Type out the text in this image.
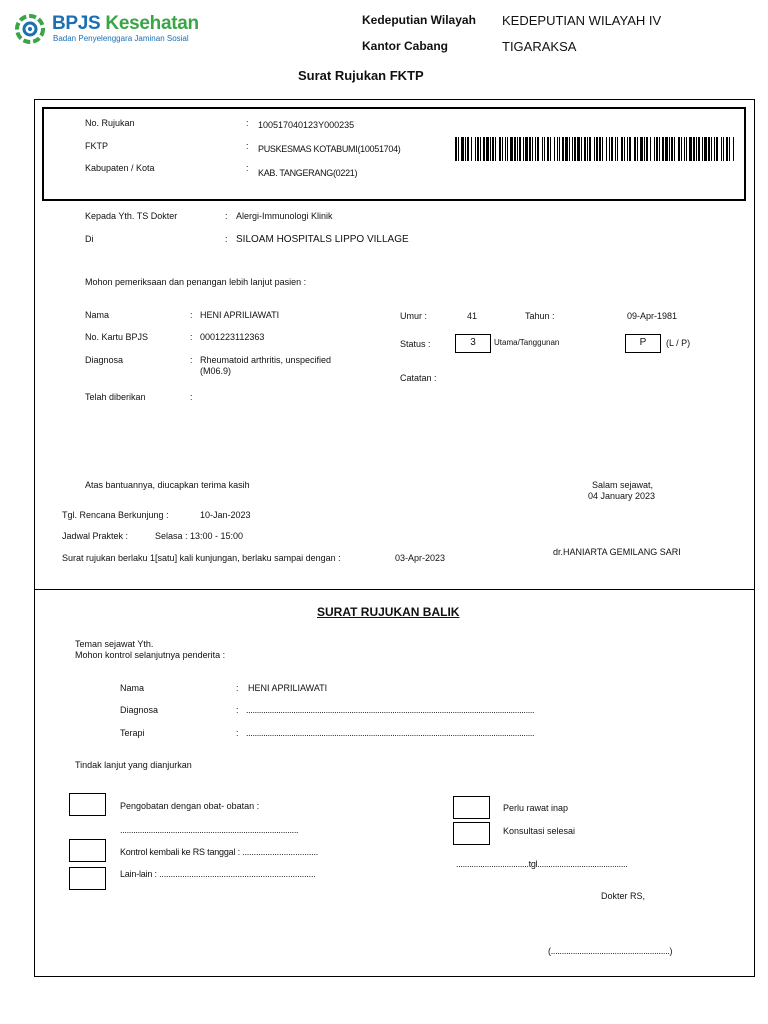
BPJS Kesehatan
Badan Penyelenggara Jaminan Sosial
Kedeputian Wilayah KEDEPUTIAN WILAYAH IV
Kantor Cabang	TIGARAKSA
Surat Rujukan FKTP
No. Rujukan	: 100517040123Y000235
FKTP	: PUSKESMAS KOTABUMI(10051704)
Kabupaten / Kota	: KAB. TANGERANG(0221)
Kepada Yth. TS Dokter	: Alergi-Immunologi Klinik
Di	: SILOAM HOSPITALS LIPPO VILLAGE
Mohon pemeriksaan dan penangan lebih lanjut pasien :
Nama	: HENI APRILIAWATI
No. Kartu BPJS	: 0001223112363
Diagnosa	: Rheumatoid arthritis, unspecified
(M06.9)
Telah diberikan	:
Umur :	41	Tahun :	09-Apr-1981
Status :	3	Utama/Tanggunan	P	(L / P)
Catatan :
Atas bantuannya, diucapkan terima kasih	Salam sejawat,
04 January 2023
Tgl. Rencana Berkunjung :	10-Jan-2023
Jadwal Praktek :	Selasa : 13:00 - 15:00
Surat rujukan berlaku 1[satu] kali kunjungan, berlaku sampai dengan :	03-Apr-2023
dr.HANIARTA GEMILANG SARI
SURAT RUJUKAN BALIK
Teman sejawat Yth.
Mohon kontrol selanjutnya penderita :
Nama	: HENI APRILIAWATI
Diagnosa	: ......................................................................................................................................
Terapi	: ......................................................................................................................................
Tindak lanjut yang dianjurkan
Pengobatan dengan obat- obatan :
.................................................................................
Kontrol kembali ke RS tanggal : .................................
Lain-lain : ....................................................................
Perlu rawat inap
Konsultasi selesai
.................................tgl.........................................
Dokter RS,
(......................................................)
